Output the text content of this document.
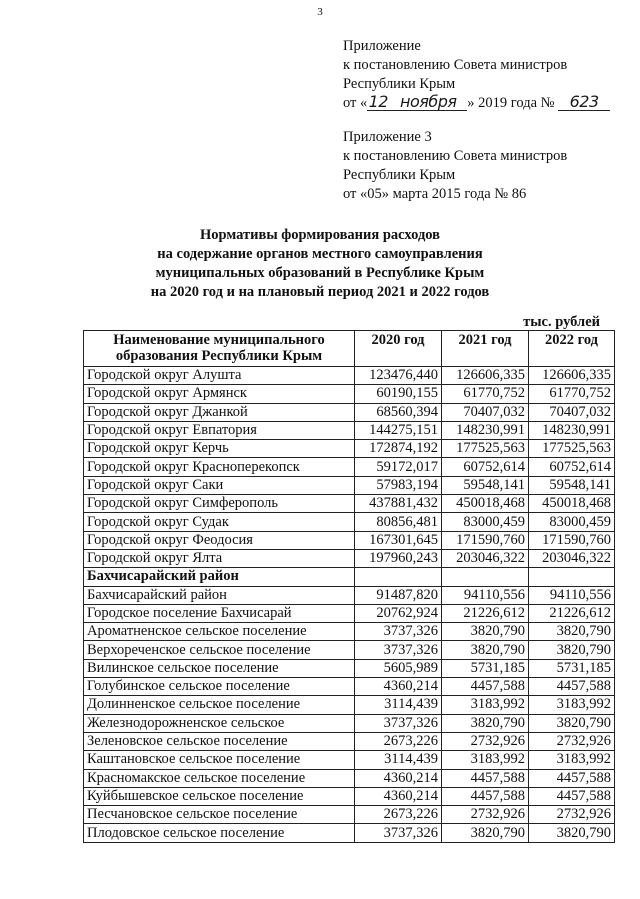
3
Приложение
к постановлению Совета министров
Республики Крым
от «12 ноября » 2019 года № 623
Приложение 3
к постановлению Совета министров
Республики Крым
от «05» марта 2015 года № 86
Нормативы формирования расходов
на содержание органов местного самоуправления
муниципальных образований в Республике Крым
на 2020 год и на плановый период 2021 и 2022 годов
тыс. рублей
Наименование муниципального образования Республики Крым	2020 год	2021 год	2022 год
Городской округ Алушта	123476,440	126606,335	126606,335
Городской округ Армянск	60190,155	61770,752	61770,752
Городской округ Джанкой	68560,394	70407,032	70407,032
Городской округ Евпатория	144275,151	148230,991	148230,991
Городской округ Керчь	172874,192	177525,563	177525,563
Городской округ Красноперекопск	59172,017	60752,614	60752,614
Городской округ Саки	57983,194	59548,141	59548,141
Городской округ Симферополь	437881,432	450018,468	450018,468
Городской округ Судак	80856,481	83000,459	83000,459
Городской округ Феодосия	167301,645	171590,760	171590,760
Городской округ Ялта	197960,243	203046,322	203046,322
Бахчисарайский район			
Бахчисарайский район	91487,820	94110,556	94110,556
Городское поселение Бахчисарай	20762,924	21226,612	21226,612
Ароматненское сельское поселение	3737,326	3820,790	3820,790
Верхореченское сельское поселение	3737,326	3820,790	3820,790
Вилинское сельское поселение	5605,989	5731,185	5731,185
Голубинское сельское поселение	4360,214	4457,588	4457,588
Долинненское сельское поселение	3114,439	3183,992	3183,992
Железнодорожненское сельское	3737,326	3820,790	3820,790
Зеленовское сельское поселение	2673,226	2732,926	2732,926
Каштановское сельское поселение	3114,439	3183,992	3183,992
Красномакское сельское поселение	4360,214	4457,588	4457,588
Куйбышевское сельское поселение	4360,214	4457,588	4457,588
Песчановское сельское поселение	2673,226	2732,926	2732,926
Плодовское сельское поселение	3737,326	3820,790	3820,790
